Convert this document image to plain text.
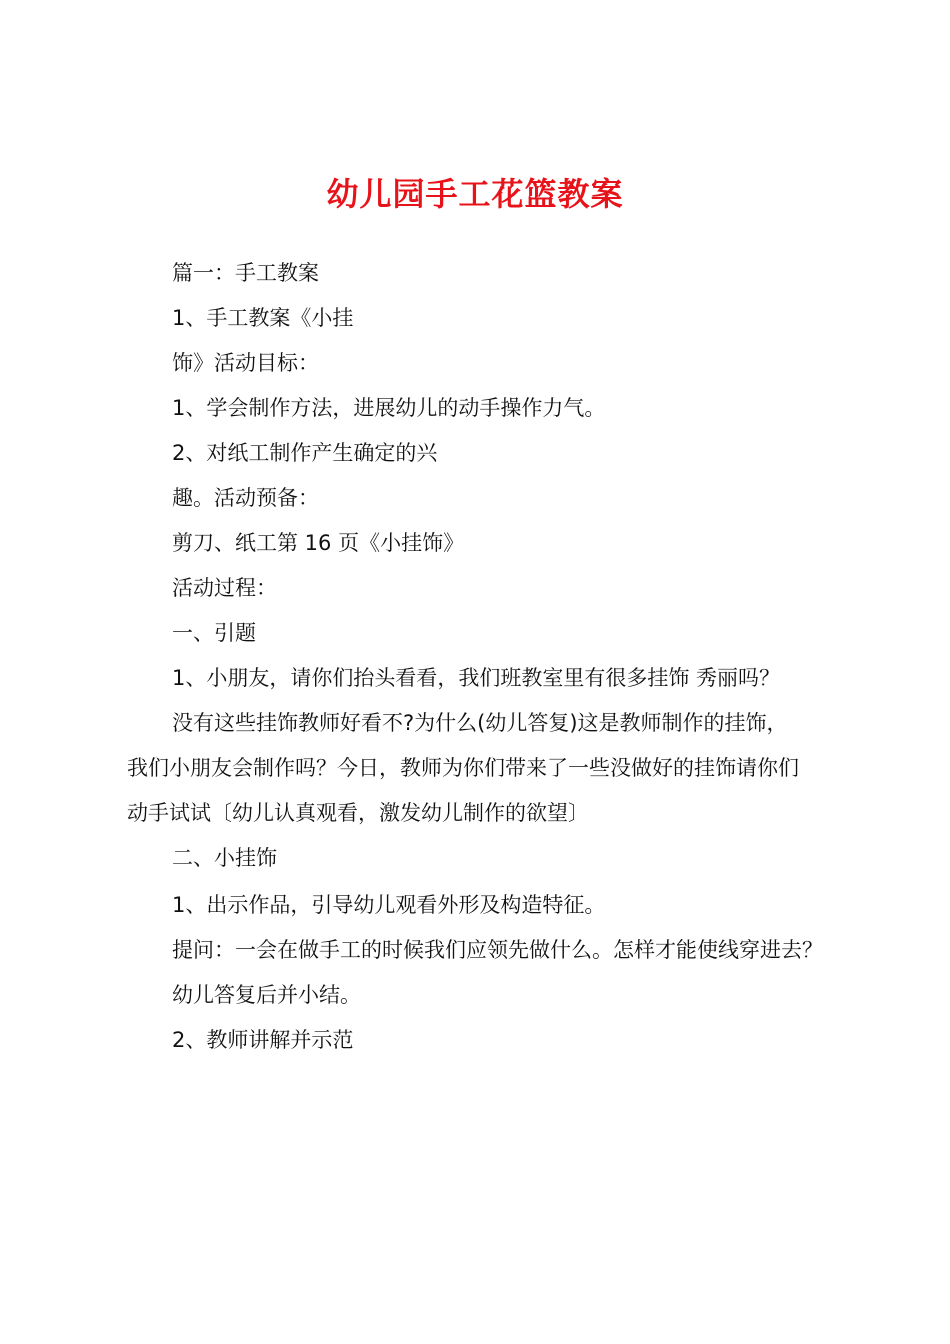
幼儿园手工花篮教案
篇一：手工教案
1、手工教案《小挂
饰》活动目标：
1、学会制作方法，进展幼儿的动手操作力气。
2、对纸工制作产生确定的兴
趣。活动预备：
剪刀、纸工第 16 页《小挂饰》
活动过程：
一、引题
1、小朋友，请你们抬头看看，我们班教室里有很多挂饰 秀丽吗？
没有这些挂饰教师好看不?为什么(幼儿答复)这是教师制作的挂饰，
我们小朋友会制作吗？今日，教师为你们带来了一些没做好的挂饰请你们
动手试试〔幼儿认真观看，激发幼儿制作的欲望〕
二、小挂饰
1、出示作品，引导幼儿观看外形及构造特征。
提问：一会在做手工的时候我们应领先做什么。怎样才能使线穿进去？
幼儿答复后并小结。
2、教师讲解并示范
